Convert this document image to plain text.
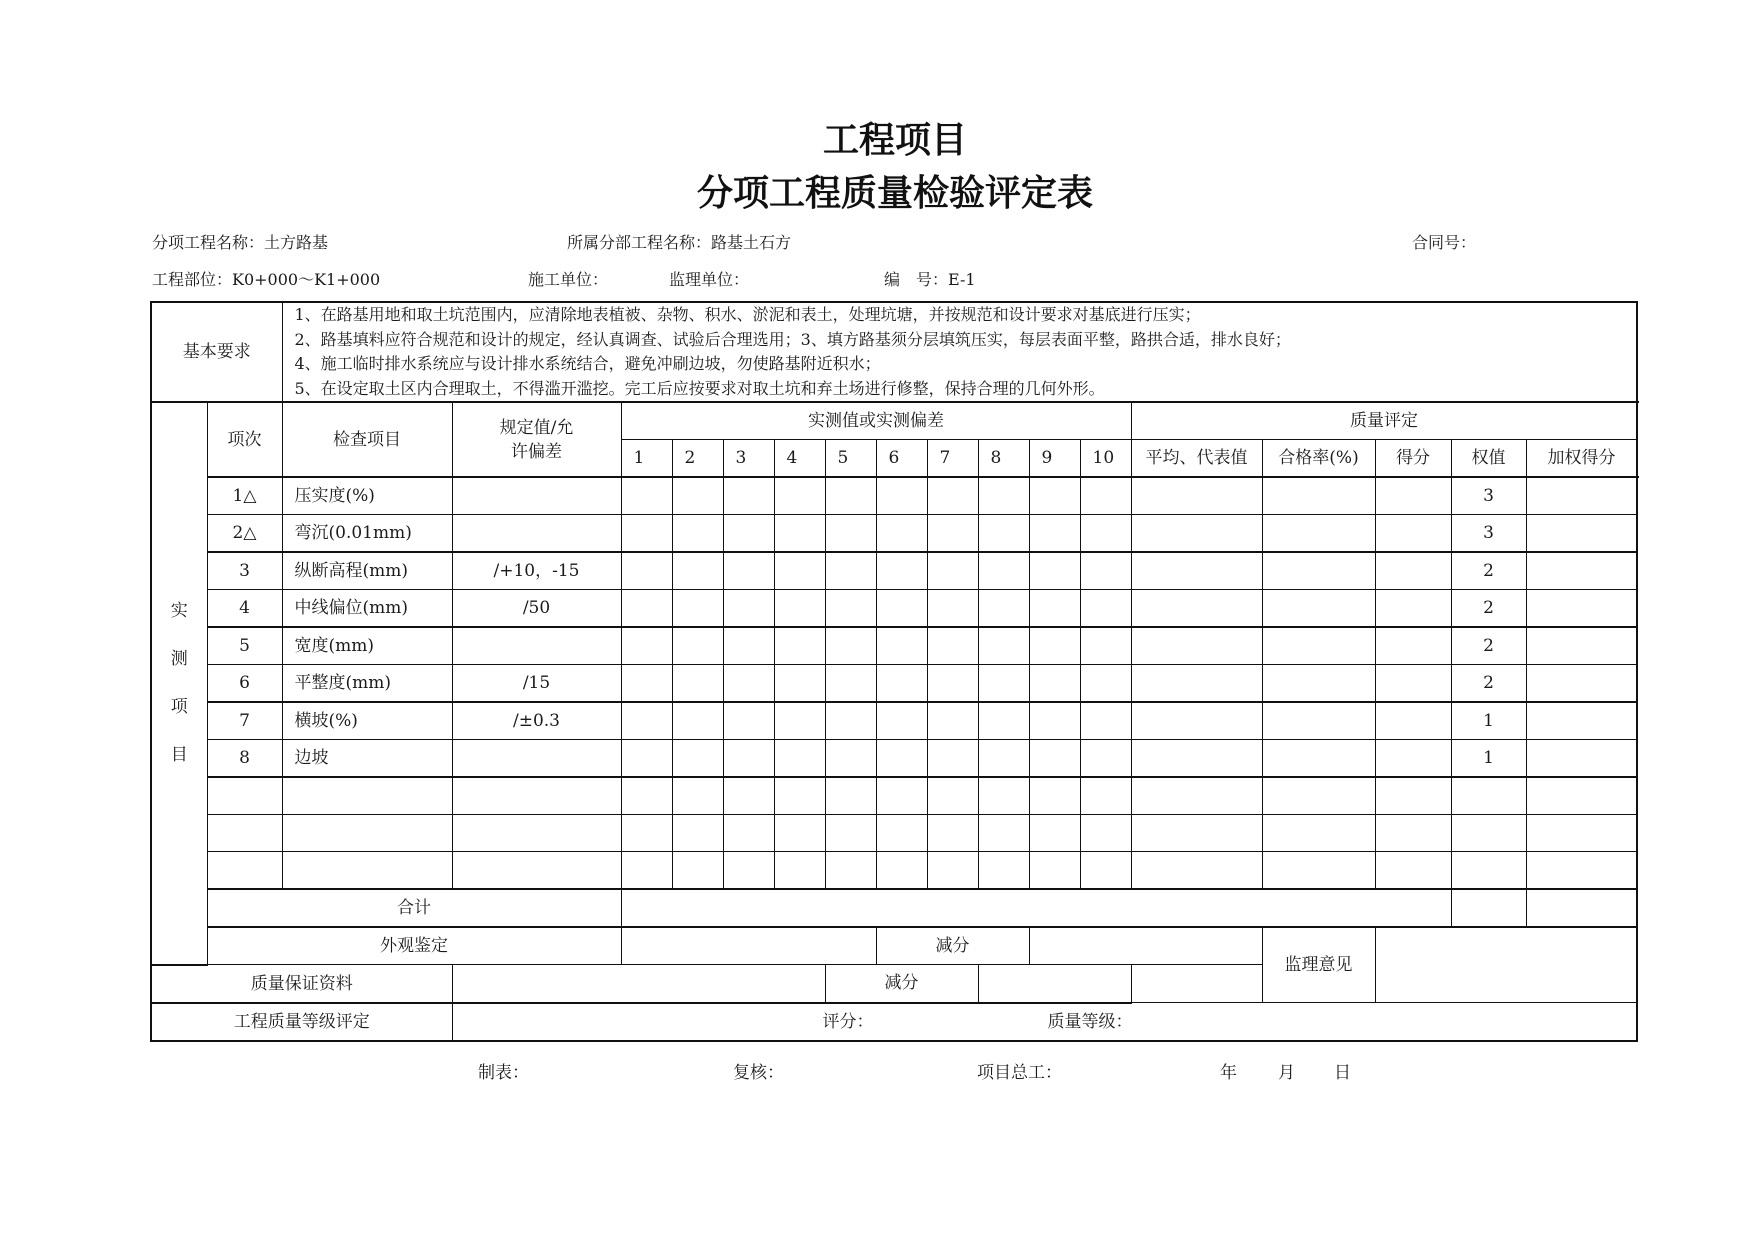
工程项目
分项工程质量检验评定表
分项工程名称：土方路基	所属分部工程名称：路基土石方	合同号：
工程部位：K0+000～K1+000	施工单位：	监理单位：	编　号：E-1
基本要求		1、在路基用地和取土坑范围内，应清除地表植被、杂物、积水、淤泥和表土，处理坑塘，并按规范和设计要求对基底进行压实；
2、路基填料应符合规范和设计的规定，经认真调查、试验后合理选用；3、填方路基须分层填筑压实，每层表面平整，路拱合适，排水良好；
4、施工临时排水系统应与设计排水系统结合，避免冲刷边坡，勿使路基附近积水；
5、在设定取土区内合理取土，不得滥开滥挖。完工后应按要求对取土坑和弃土场进行修整，保持合理的几何外形。																

实测项目	项次	检查项目	规定值/允许偏差	实测值或实测偏差										质量评定				
				1	2	3	4	5	6	7	8	9	10	平均、代表值	合格率(%)	得分	权值	加权得分
	1△	压实度(%)															3	
	2△	弯沉(0.01mm)															3	
	3	纵断高程(mm)	/+10，-15														2	
	4	中线偏位(mm)	/50														2	
	5	宽度(mm)															2	
	6	平整度(mm)	/15														2	
	7	横坡(%)	/±0.3														1	
	8	边坡															1	

	合计																	
	外观鉴定								减分						监理意见			
质量保证资料								减分										
工程质量等级评定			评分： 质量等级：															
制表：	复核：	项目总工：	年 月 日
